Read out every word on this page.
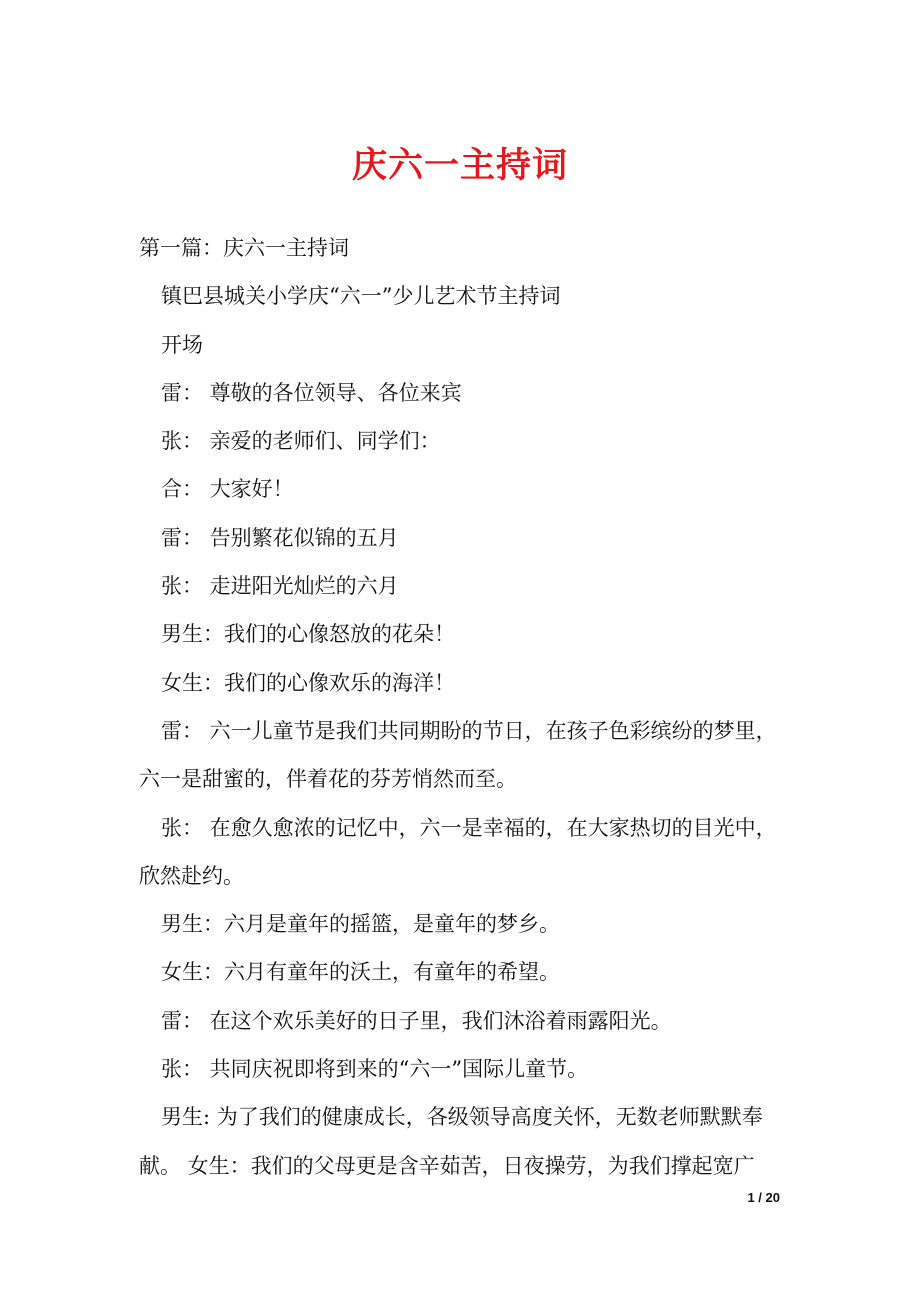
庆六一主持词
第一篇：庆六一主持词
镇巴县城关小学庆“六一”少儿艺术节主持词
开场
雷： 尊敬的各位领导、各位来宾
张： 亲爱的老师们、同学们：
合： 大家好！
雷： 告别繁花似锦的五月
张： 走进阳光灿烂的六月
男生：我们的心像怒放的花朵！
女生：我们的心像欢乐的海洋！
雷： 六一儿童节是我们共同期盼的节日，在孩子色彩缤纷的梦里，
六一是甜蜜的，伴着花的芬芳悄然而至。
张： 在愈久愈浓的记忆中，六一是幸福的，在大家热切的目光中，
欣然赴约。
男生：六月是童年的摇篮，是童年的梦乡。
女生：六月有童年的沃土，有童年的希望。
雷： 在这个欢乐美好的日子里，我们沐浴着雨露阳光。
张： 共同庆祝即将到来的“六一”国际儿童节。
男生: 为了我们的健康成长，各级领导高度关怀，无数老师默默奉
献。 女生：我们的父母更是含辛茹苦，日夜操劳，为我们撑起宽广
1 / 20
